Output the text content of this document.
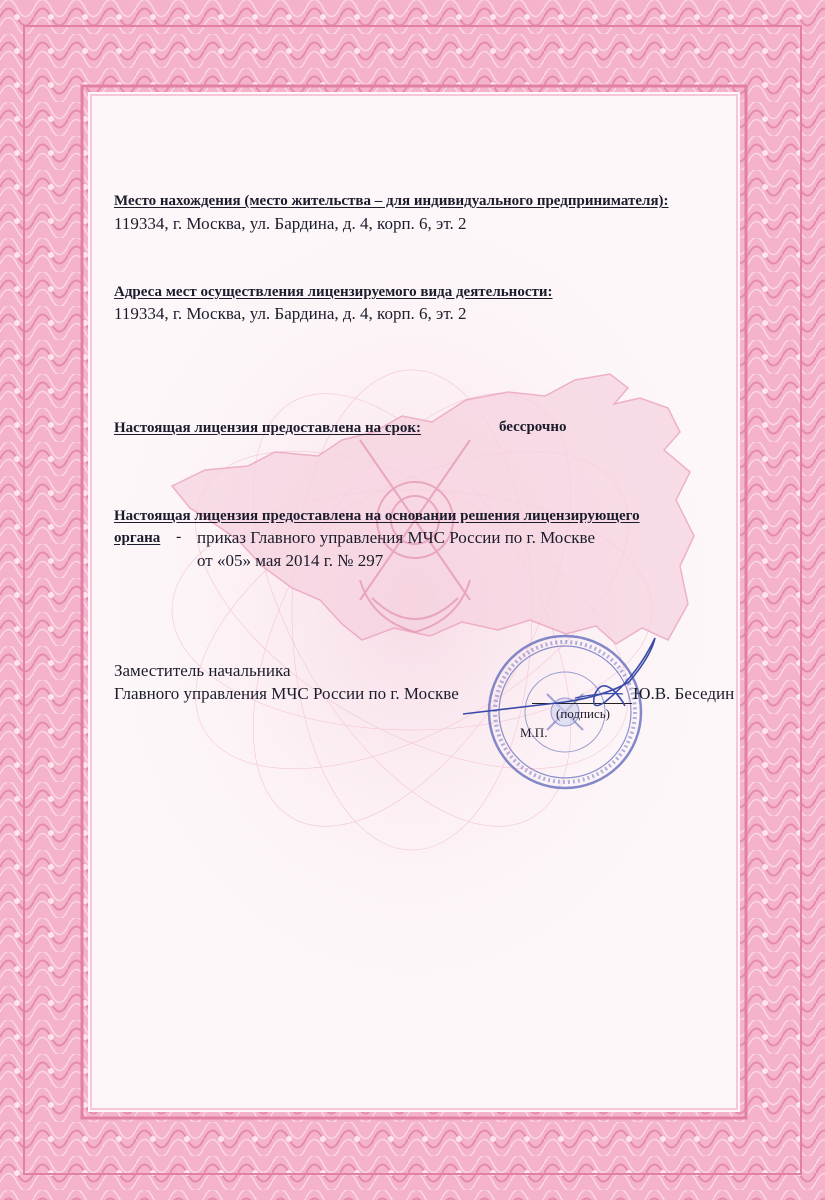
Место нахождения (место жительства – для индивидуального предпринимателя):
119334, г. Москва, ул. Бардина, д. 4, корп. 6, эт. 2
Адреса мест осуществления лицензируемого вида деятельности:
119334, г. Москва, ул. Бардина, д. 4, корп. 6, эт. 2
Настоящая лицензия предоставлена на срок:	бессрочно
Настоящая лицензия предоставлена на основании решения лицензирующего
органа - приказ Главного управления МЧС России по г. Москве
от «05» мая 2014 г. № 297
Заместитель начальника
Главного управления МЧС России по г. Москве	Ю.В. Беседин
(подпись)
М.П.
